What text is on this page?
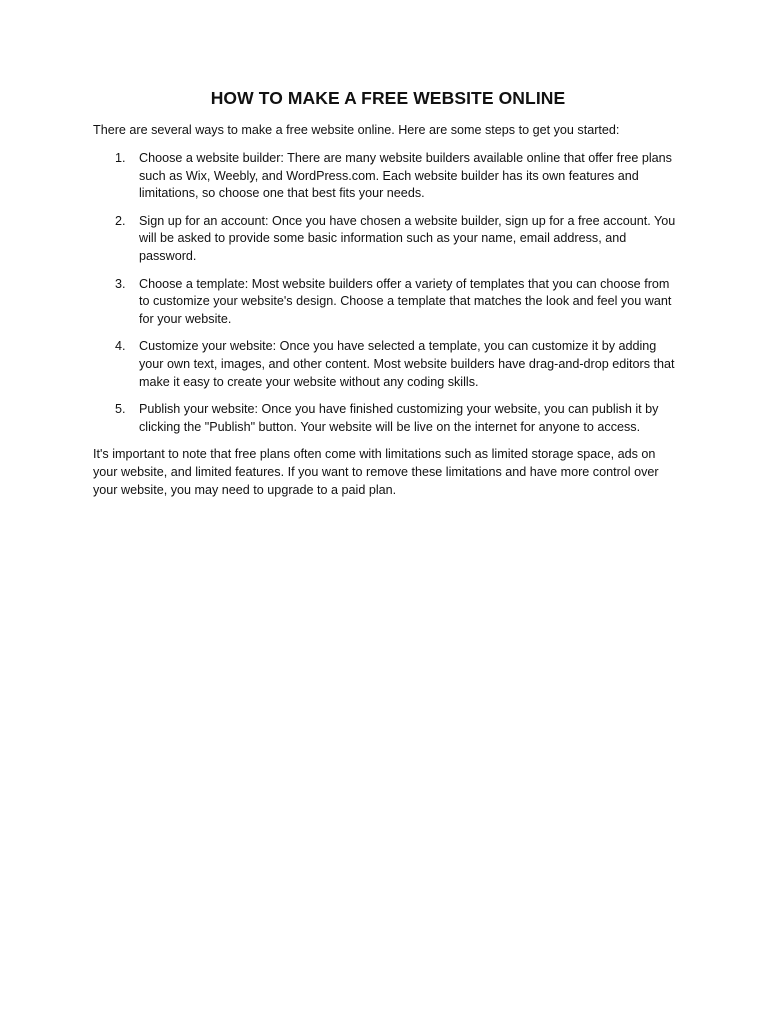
HOW TO MAKE A FREE WEBSITE ONLINE

There are several ways to make a free website online. Here are some steps to get you started:

1.	Choose a website builder: There are many website builders available online that offer free plans such as Wix, Weebly, and WordPress.com. Each website builder has its own features and limitations, so choose one that best fits your needs.
2.	Sign up for an account: Once you have chosen a website builder, sign up for a free account. You will be asked to provide some basic information such as your name, email address, and password.
3.	Choose a template: Most website builders offer a variety of templates that you can choose from to customize your website's design. Choose a template that matches the look and feel you want for your website.
4.	Customize your website: Once you have selected a template, you can customize it by adding your own text, images, and other content. Most website builders have drag-and-drop editors that make it easy to create your website without any coding skills.
5.	Publish your website: Once you have finished customizing your website, you can publish it by clicking the "Publish" button. Your website will be live on the internet for anyone to access.

It's important to note that free plans often come with limitations such as limited storage space, ads on your website, and limited features. If you want to remove these limitations and have more control over your website, you may need to upgrade to a paid plan.
